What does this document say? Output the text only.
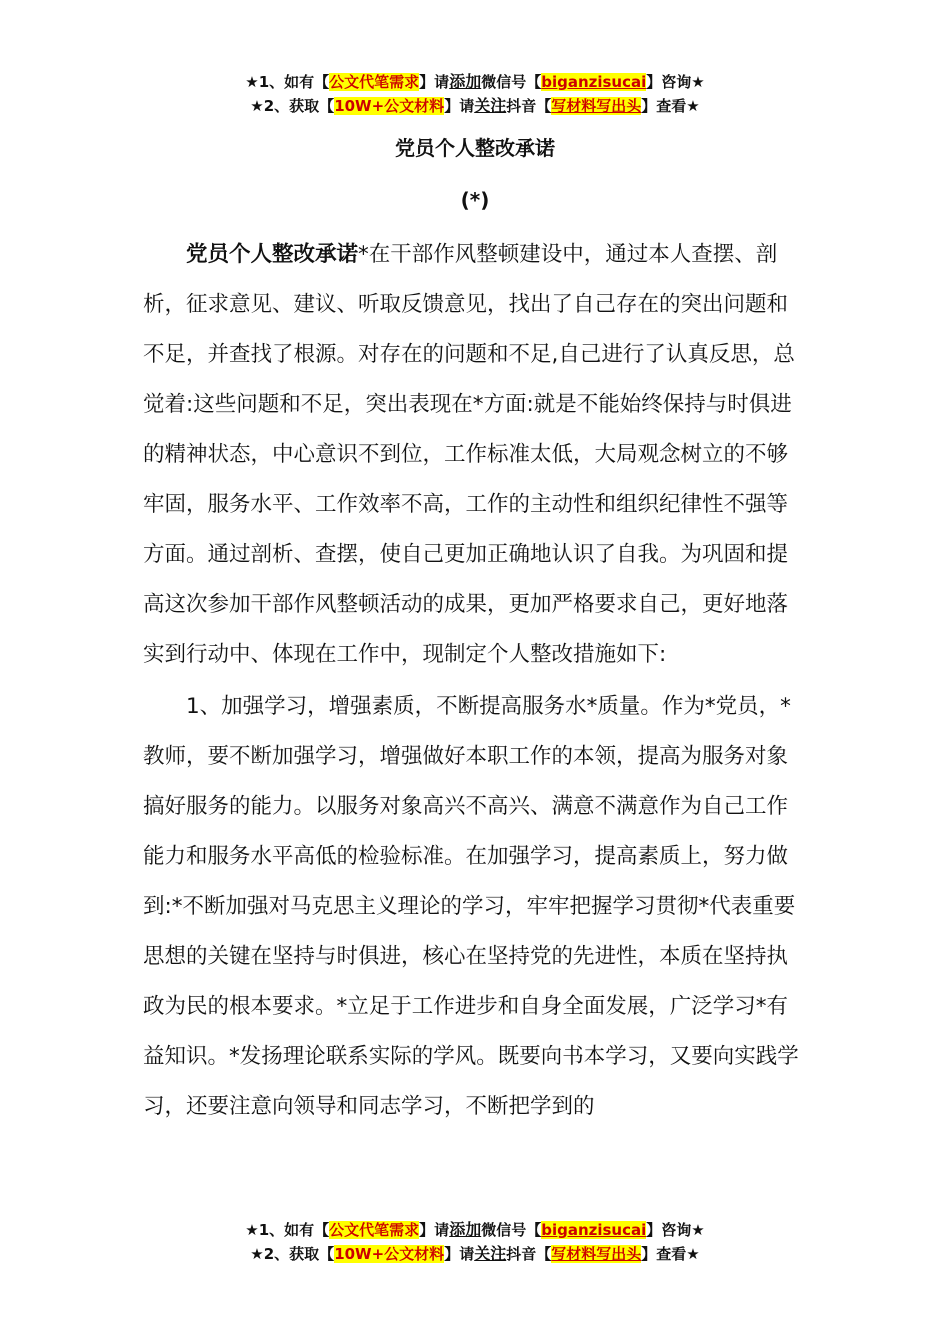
★1、如有【公文代笔需求】请添加微信号【biganzisucai】咨询★
★2、获取【10W+公文材料】请关注抖音【写材料写出头】查看★
党员个人整改承诺
(*)

党员个人整改承诺*在干部作风整顿建设中，通过本人查摆、剖析，征求意见、建议、听取反馈意见，找出了自己存在的突出问题和不足，并查找了根源。对存在的问题和不足,自己进行了认真反思，总觉着:这些问题和不足，突出表现在*方面:就是不能始终保持与时俱进的精神状态，中心意识不到位，工作标准太低，大局观念树立的不够牢固，服务水平、工作效率不高，工作的主动性和组织纪律性不强等方面。通过剖析、查摆，使自己更加正确地认识了自我。为巩固和提高这次参加干部作风整顿活动的成果，更加严格要求自己，更好地落实到行动中、体现在工作中，现制定个人整改措施如下:

1、加强学习，增强素质，不断提高服务水*质量。作为*党员，*教师，要不断加强学习，增强做好本职工作的本领，提高为服务对象搞好服务的能力。以服务对象高兴不高兴、满意不满意作为自己工作能力和服务水平高低的检验标准。在加强学习，提高素质上，努力做到:*不断加强对马克思主义理论的学习，牢牢把握学习贯彻*代表重要思想的关键在坚持与时俱进，核心在坚持党的先进性，本质在坚持执政为民的根本要求。*立足于工作进步和自身全面发展，广泛学习*有益知识。*发扬理论联系实际的学风。既要向书本学习，又要向实践学习，还要注意向领导和同志学习，不断把学到的

★1、如有【公文代笔需求】请添加微信号【biganzisucai】咨询★
★2、获取【10W+公文材料】请关注抖音【写材料写出头】查看★
